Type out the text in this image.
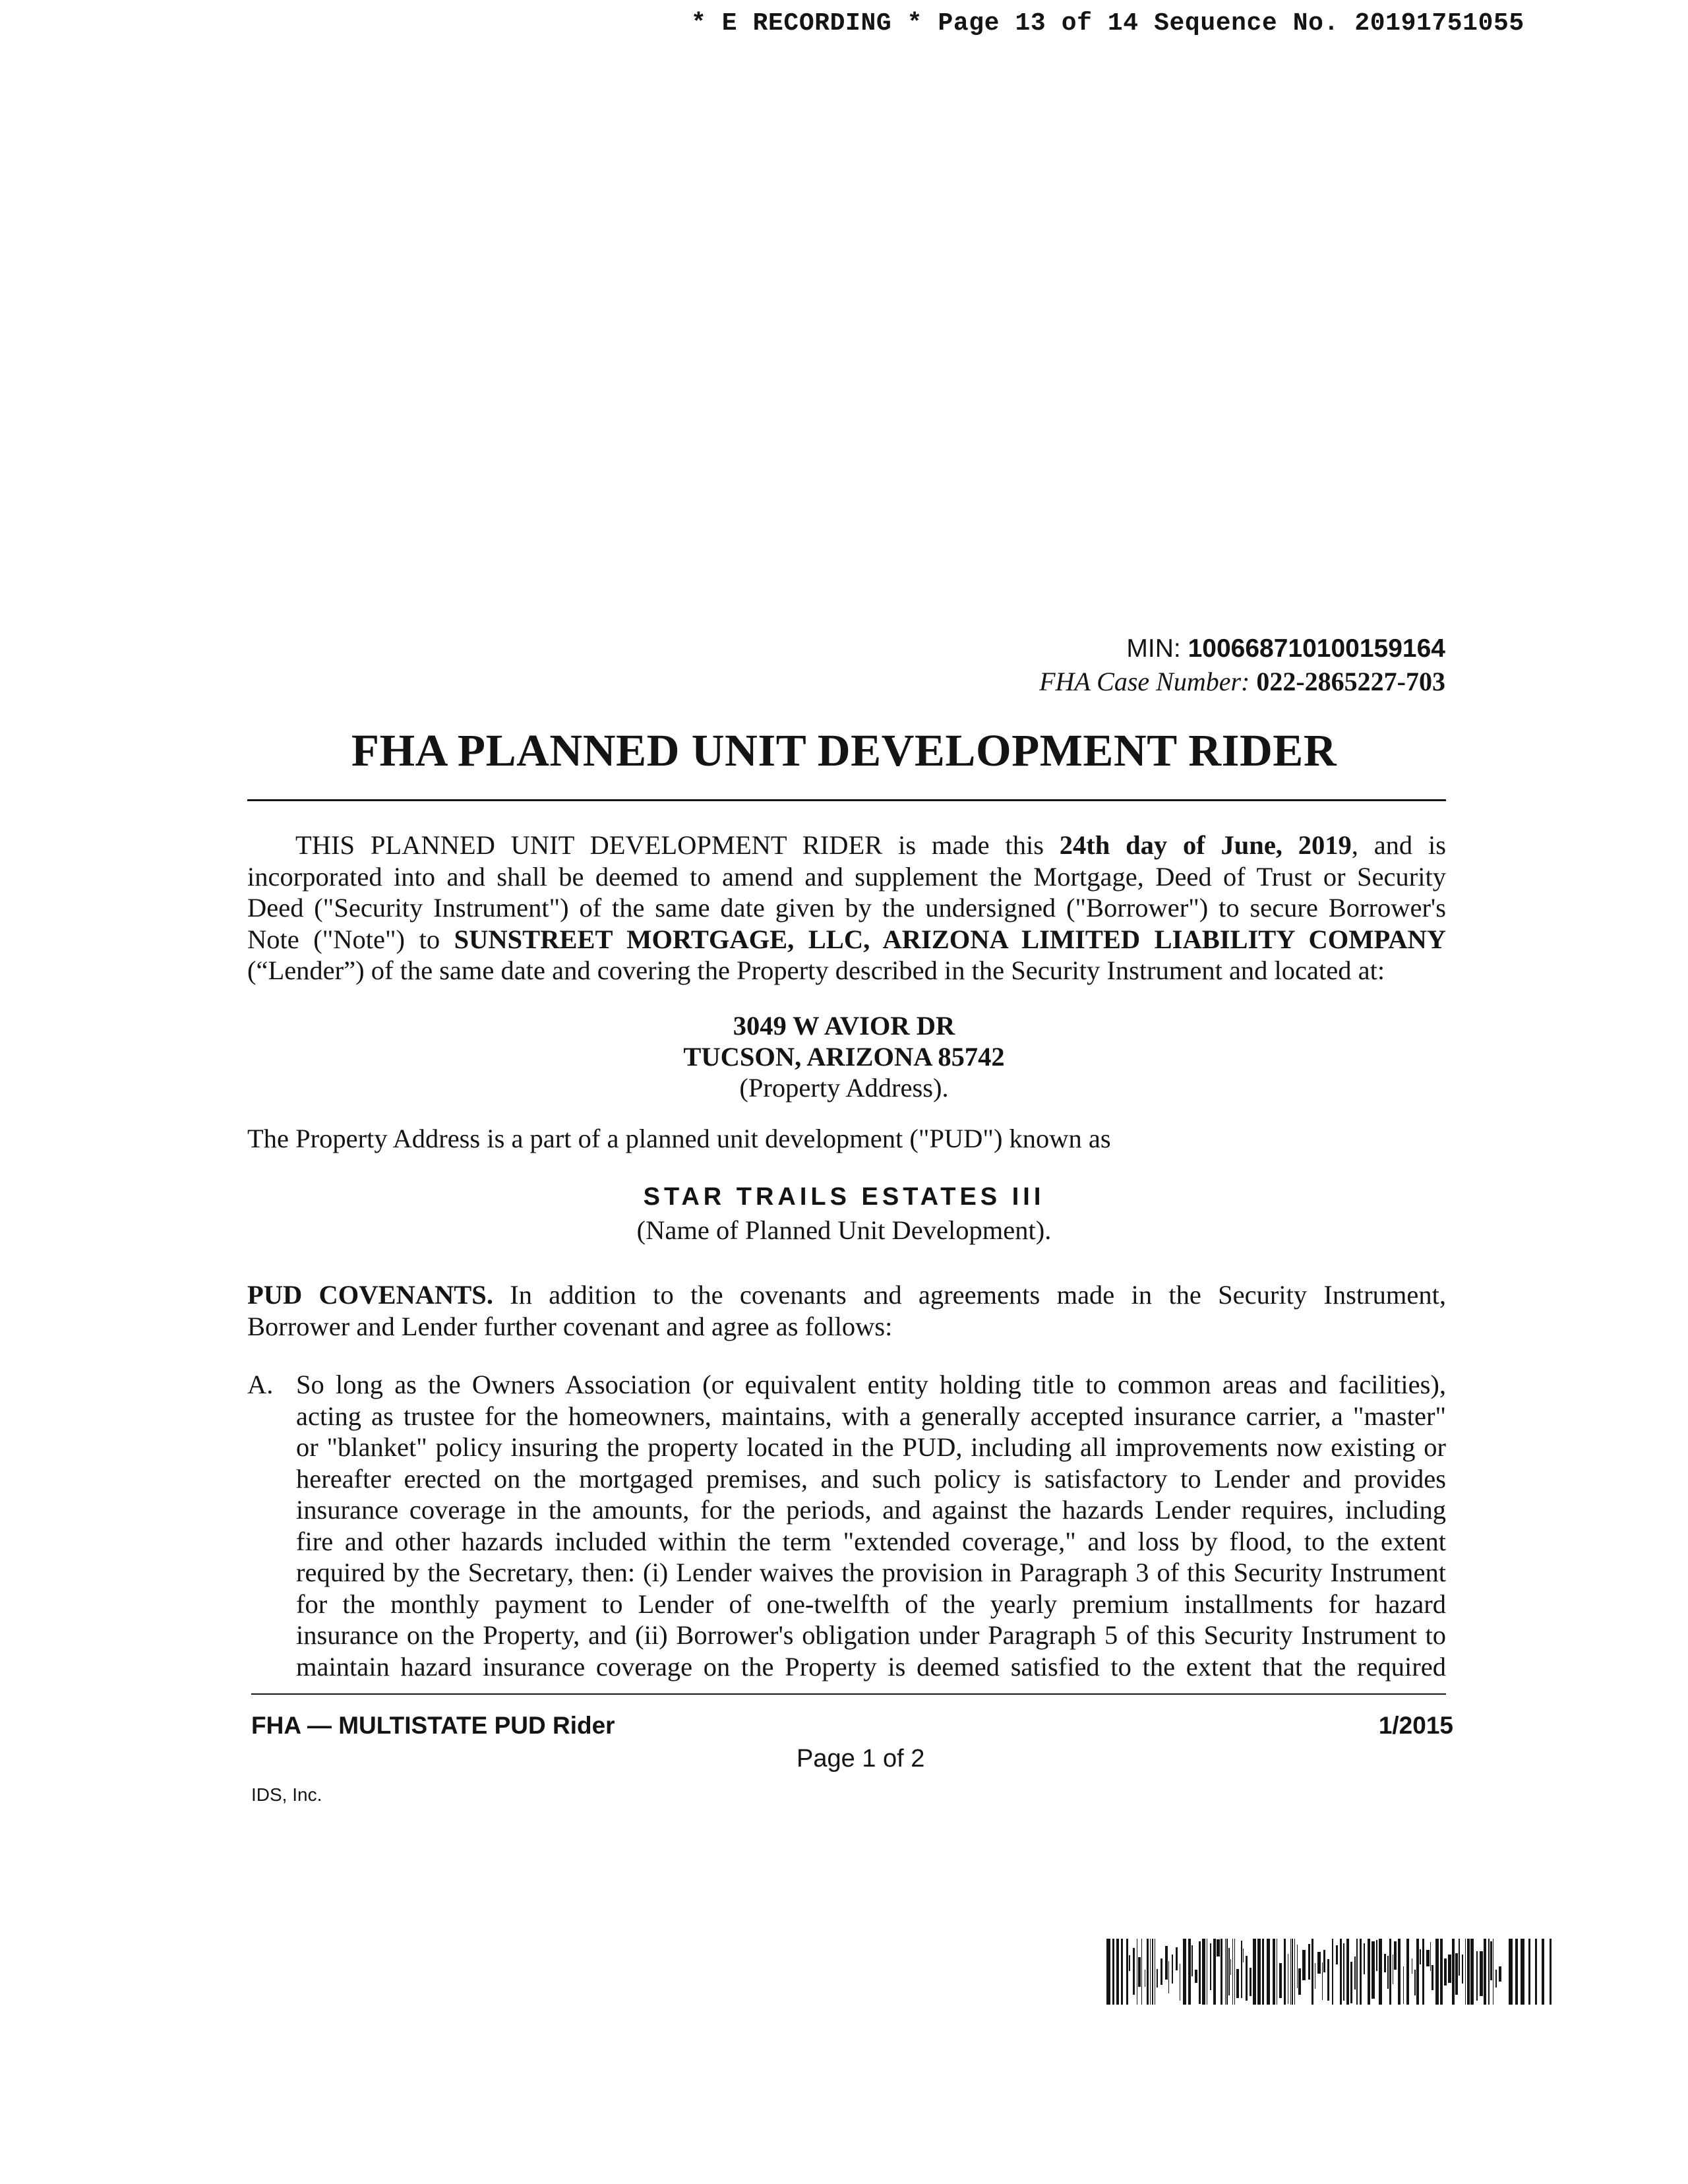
* E RECORDING * Page 13 of 14 Sequence No. 20191751055
MIN: 100668710100159164
FHA Case Number: 022-2865227-703
FHA PLANNED UNIT DEVELOPMENT RIDER
THIS PLANNED UNIT DEVELOPMENT RIDER is made this 24th day of June, 2019, and is
incorporated into and shall be deemed to amend and supplement the Mortgage, Deed of Trust or Security
Deed ("Security Instrument") of the same date given by the undersigned ("Borrower") to secure Borrower's
Note ("Note") to SUNSTREET MORTGAGE, LLC, ARIZONA LIMITED LIABILITY COMPANY
(“Lender”) of the same date and covering the Property described in the Security Instrument and located at:
3049 W AVIOR DR
TUCSON, ARIZONA 85742
(Property Address).
The Property Address is a part of a planned unit development ("PUD") known as
STAR TRAILS ESTATES III
(Name of Planned Unit Development).
PUD COVENANTS. In addition to the covenants and agreements made in the Security Instrument,
Borrower and Lender further covenant and agree as follows:
A. So long as the Owners Association (or equivalent entity holding title to common areas and facilities),
acting as trustee for the homeowners, maintains, with a generally accepted insurance carrier, a "master"
or "blanket" policy insuring the property located in the PUD, including all improvements now existing or
hereafter erected on the mortgaged premises, and such policy is satisfactory to Lender and provides
insurance coverage in the amounts, for the periods, and against the hazards Lender requires, including
fire and other hazards included within the term "extended coverage," and loss by flood, to the extent
required by the Secretary, then: (i) Lender waives the provision in Paragraph 3 of this Security Instrument
for the monthly payment to Lender of one-twelfth of the yearly premium installments for hazard
insurance on the Property, and (ii) Borrower's obligation under Paragraph 5 of this Security Instrument to
maintain hazard insurance coverage on the Property is deemed satisfied to the extent that the required
FHA — MULTISTATE PUD Rider	1/2015
Page 1 of 2
IDS, Inc.
